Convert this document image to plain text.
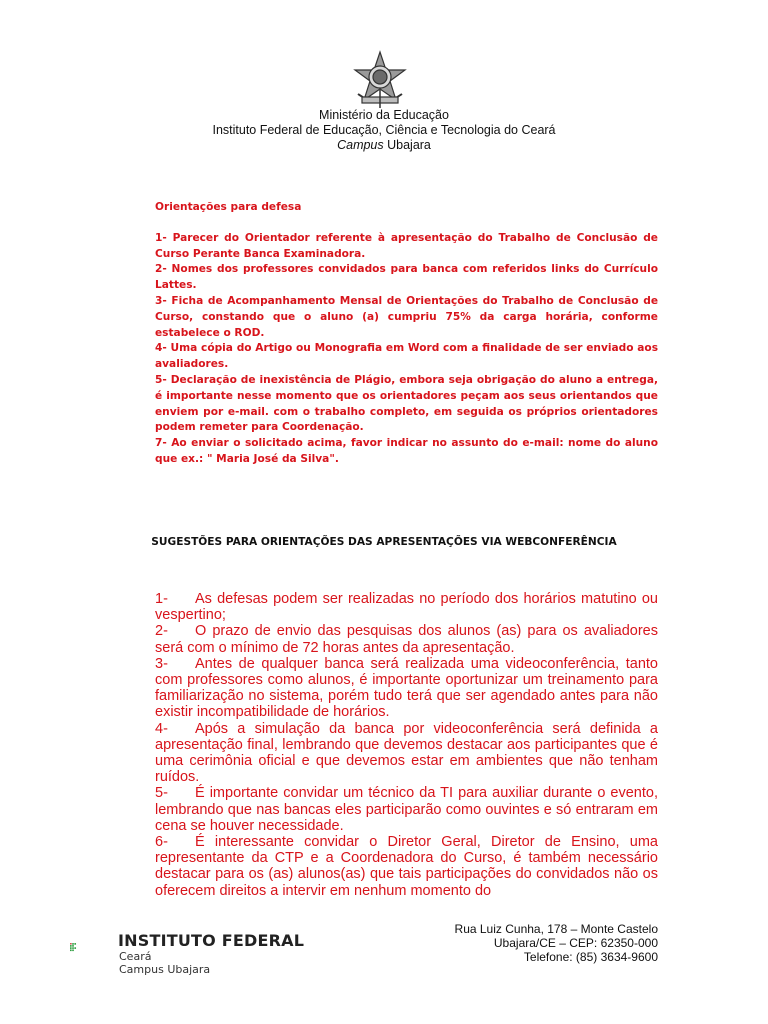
Ministério da Educação
Instituto Federal de Educação, Ciência e Tecnologia do Ceará
Campus Ubajara
Orientações para defesa

1- Parecer do Orientador referente à apresentação do Trabalho de Conclusão de Curso Perante Banca Examinadora.

2- Nomes dos professores convidados para banca com referidos links do Currículo Lattes.

3- Ficha de Acompanhamento Mensal de Orientações do Trabalho de Conclusão de Curso, constando que o aluno (a) cumpriu 75% da carga horária, conforme estabelece o ROD.

4- Uma cópia do Artigo ou Monografia em Word com a finalidade de ser enviado aos avaliadores.

5- Declaração de inexistência de Plágio, embora seja obrigação do aluno a entrega, é importante nesse momento que os orientadores peçam aos seus orientandos que enviem por e-mail. com o trabalho completo, em seguida os próprios orientadores podem remeter para Coordenação.

7- Ao enviar o solicitado acima, favor indicar no assunto do e-mail: nome do aluno que ex.: " Maria José da Silva".

SUGESTÕES PARA ORIENTAÇÕES DAS APRESENTAÇÕES VIA WEBCONFERÊNCIA

1- As defesas podem ser realizadas no período dos horários matutino ou vespertino;

2- O prazo de envio das pesquisas dos alunos (as) para os avaliadores será com o mínimo de 72 horas antes da apresentação.

3- Antes de qualquer banca será realizada uma videoconferência, tanto com professores como alunos, é importante oportunizar um treinamento para familiarização no sistema, porém tudo terá que ser agendado antes para não existir incompatibilidade de horários.

4- Após a simulação da banca por videoconferência será definida a apresentação final, lembrando que devemos destacar aos participantes que é uma cerimônia oficial e que devemos estar em ambientes que não tenham ruídos.

5- É importante convidar um técnico da TI para auxiliar durante o evento, lembrando que nas bancas eles participarão como ouvintes e só entraram em cena se houver necessidade.

6- É interessante convidar o Diretor Geral, Diretor de Ensino, uma representante da CTP e a Coordenadora do Curso, é também necessário destacar para os (as) alunos(as) que tais participações do convidados não os oferecem direitos a intervir em nenhum momento do

INSTITUTO FEDERAL
Ceará
Campus Ubajara
Rua Luiz Cunha, 178 – Monte Castelo
Ubajara/CE – CEP: 62350-000
Telefone: (85) 3634-9600
